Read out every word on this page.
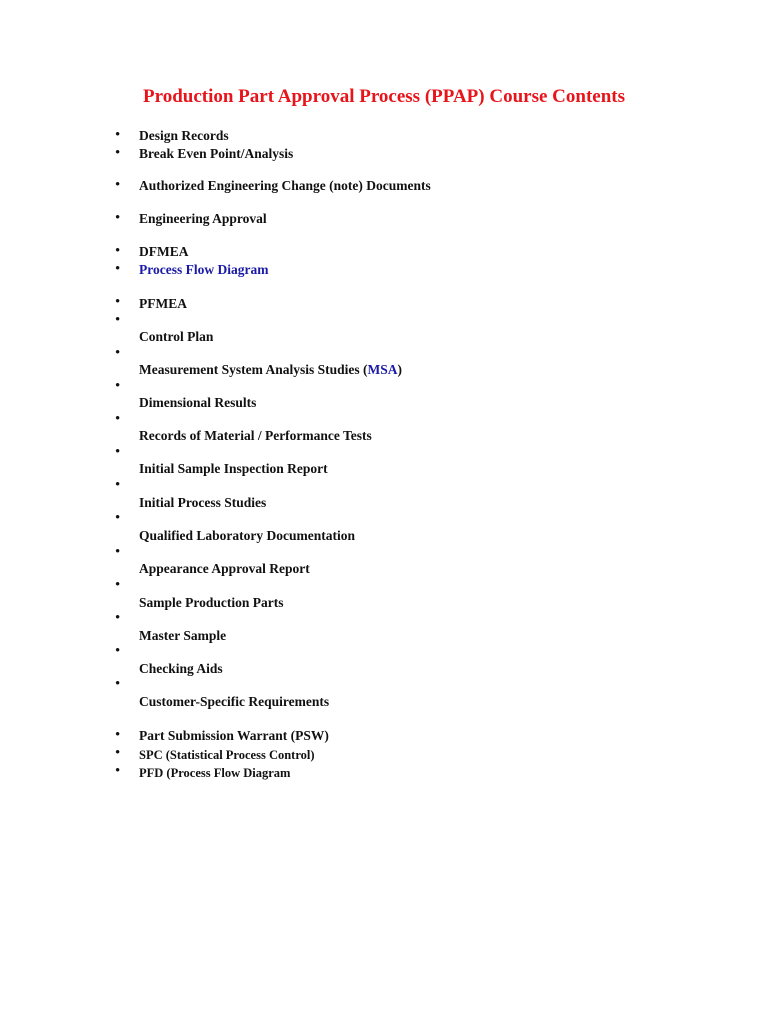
Production Part Approval Process (PPAP) Course Contents
•
•
•
•
•
•
•
•
•
•
•
•
•
•
•
•
•
•
•
•
•
•
Design Records
Break Even Point/Analysis
Authorized Engineering Change (note) Documents
Engineering Approval
DFMEA
Process Flow Diagram
PFMEA
Control Plan
Measurement System Analysis Studies (MSA)
Dimensional Results
Records of Material / Performance Tests
Initial Sample Inspection Report
Initial Process Studies
Qualified Laboratory Documentation
Appearance Approval Report
Sample Production Parts
Master Sample
Checking Aids
Customer-Specific Requirements
Part Submission Warrant (PSW)
SPC (Statistical Process Control)
PFD (Process Flow Diagram
